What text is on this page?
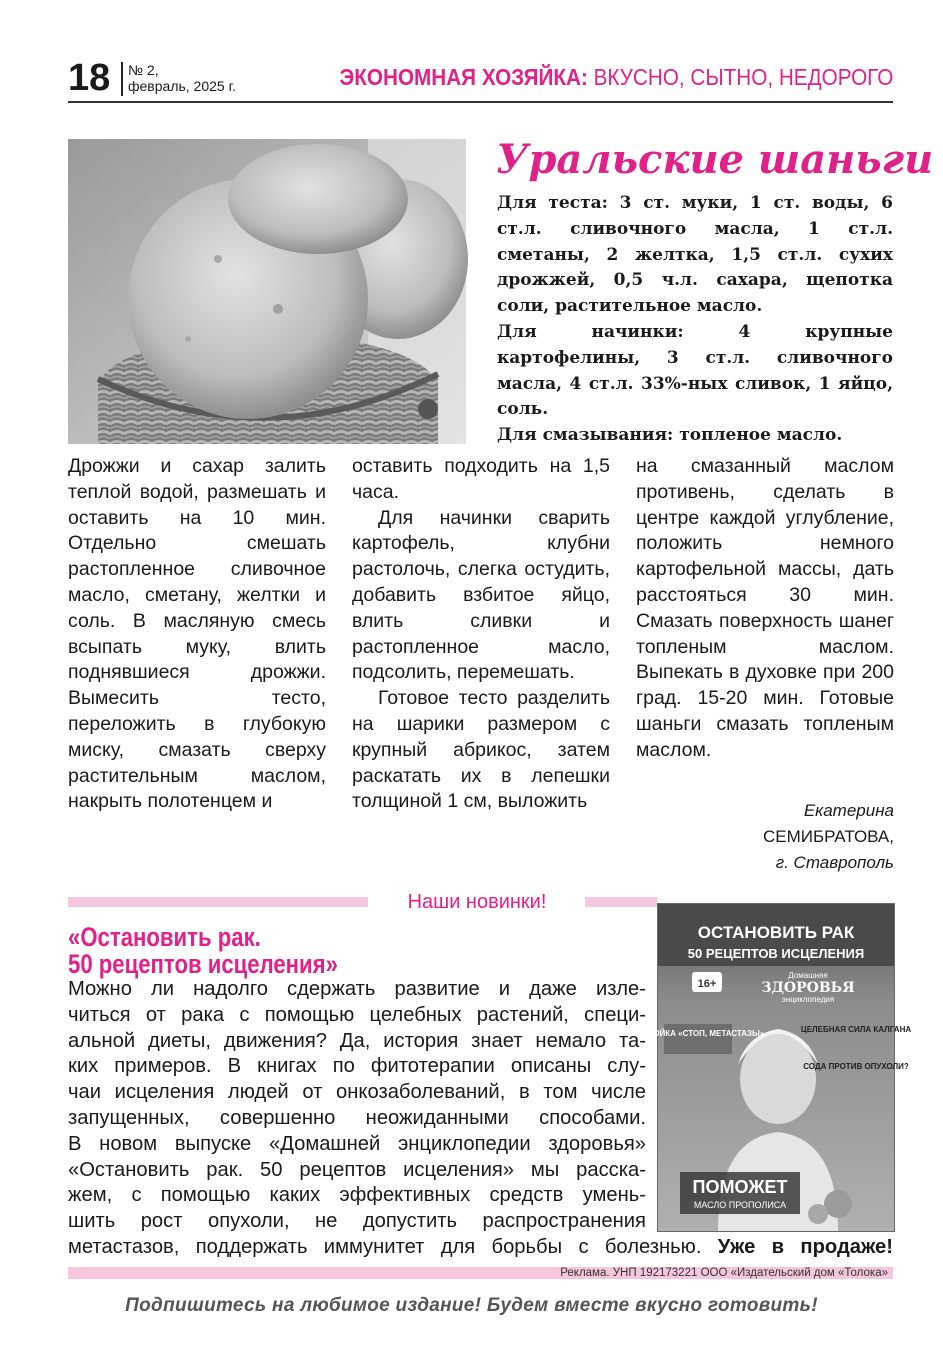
18 № 2,
февраль, 2025 г.	ЭКОНОМНАЯ ХОЗЯЙКА: ВКУСНО, СЫТНО, НЕДОРОГО
Уральские шаньги

Для теста: 3 ст. муки, 1 ст. воды, 6 ст.л. сливочного масла, 1 ст.л. сметаны, 2 желтка, 1,5 ст.л. сухих дрожжей, 0,5 ч.л. сахара, щепотка соли, растительное масло.

Для начинки: 4 крупные картофелины, 3 ст.л. сливочного масла, 4 ст.л. 33%-ных сливок, 1 яйцо, соль.

Для смазывания: топленое масло.

Дрожжи и сахар залить теплой водой, размешать и оставить на 10 мин. Отдельно смешать растопленное сливочное масло, сметану, желтки и соль. В масляную смесь всыпать муку, влить поднявшиеся дрожжи. Вымесить тесто, переложить в глубокую миску, смазать сверху растительным маслом, накрыть полотенцем и

оставить подходить на 1,5 часа.

Для начинки сварить картофель, клубни растолочь, слегка остудить, добавить взбитое яйцо, влить сливки и растопленное масло, подсолить, перемешать.

Готовое тесто разделить на шарики размером с крупный абрикос, затем раскатать их в лепешки толщиной 1 см, выложить

на смазанный маслом противень, сделать в центре каждой углубление, положить немного картофельной массы, дать расстояться 30 мин. Смазать поверхность шанег топленым маслом. Выпекать в духовке при 200 град. 15-20 мин. Готовые шаньги смазать топленым маслом.

Екатерина
СЕМИБРАТОВА,
г. Ставрополь
Наши новинки!
«Остановить рак.
50 рецептов исцеления»
Можно ли надолго сдержать развитие и даже изле-
читься от рака с помощью целебных растений, специ-
альной диеты, движения? Да, история знает немало та-
ких примеров. В книгах по фитотерапии описаны слу-
чаи исцеления людей от онкозаболеваний, в том числе
запущенных, совершенно неожиданными способами.
В новом выпуске «Домашней энциклопедии здоровья»
«Остановить рак. 50 рецептов исцеления» мы расска-
жем, с помощью каких эффективных средств умень-
шить рост опухоли, не допустить распространения
метастазов, поддержать иммунитет для борьбы с болезнью. Уже в продаже!
ОСТАНОВИТЬ РАК
50 РЕЦЕПТОВ ИСЦЕЛЕНИЯ
Домашняя
ЗДОРОВЬЯ
энциклопедия
16+
НАСТОЙКА «СТОП, МЕТАСТАЗЫ»	ЦЕЛЕБНАЯ СИЛА КАЛГАНА
СОДА ПРОТИВ ОПУХОЛИ?
ПОМОЖЕТ
МАСЛО ПРОПОЛИСА
Реклама. УНП 192173221 ООО «Издательский дом «Толока»
Подпишитесь на любимое издание! Будем вместе вкусно готовить!
